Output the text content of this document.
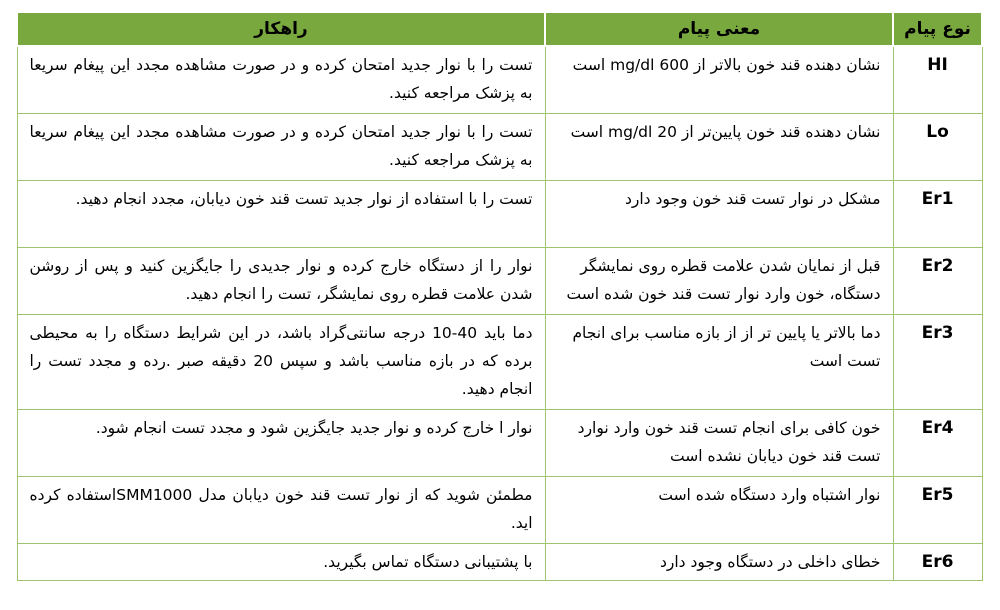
نوع پیام	معنی پیام	راهکار
HI	نشان دهنده قند خون بالاتر از 600 mg/dl است	تست را با نوار جدید امتحان کرده و در صورت مشاهده مجدد این پیغام سریعا به پزشک مراجعه کنید.
Lo	نشان دهنده قند خون پایین‌تر از 20 mg/dl است	تست را با نوار جدید امتحان کرده و در صورت مشاهده مجدد این پیغام سریعا به پزشک مراجعه کنید.
Er1	مشکل در نوار تست قند خون وجود دارد	تست را با استفاده از نوار جدید تست قند خون دیابان، مجدد انجام دهید.
Er2	قبل از نمایان شدن علامت قطره روی نمایشگر دستگاه، خون وارد نوار تست قند خون شده است	نوار را از دستگاه خارج کرده و نوار جدیدی را جایگزین کنید و پس از روشن شدن علامت قطره روی نمایشگر، تست را انجام دهید.
Er3	دما بالاتر یا پایین تر از از بازه مناسب برای انجام تست است	دما باید 40-10 درجه سانتی‌گراد باشد، در این شرایط دستگاه را به محیطی برده که در بازه مناسب باشد و سپس 20 دقیقه صبر .رده و مجدد تست را انجام دهید.
Er4	خون کافی برای انجام تست قند خون وارد نوارد تست قند خون دیابان نشده است	نوار ا خارج کرده و نوار جدید جایگزین شود و مجدد تست انجام شود.
Er5	نوار اشتباه وارد دستگاه شده است	مطمئن شوید که از نوار تست قند خون دیابان مدل SMM1000استفاده کرده اید.
Er6	خطای داخلی در دستگاه وجود دارد	با پشتیبانی دستگاه تماس بگیرید.
